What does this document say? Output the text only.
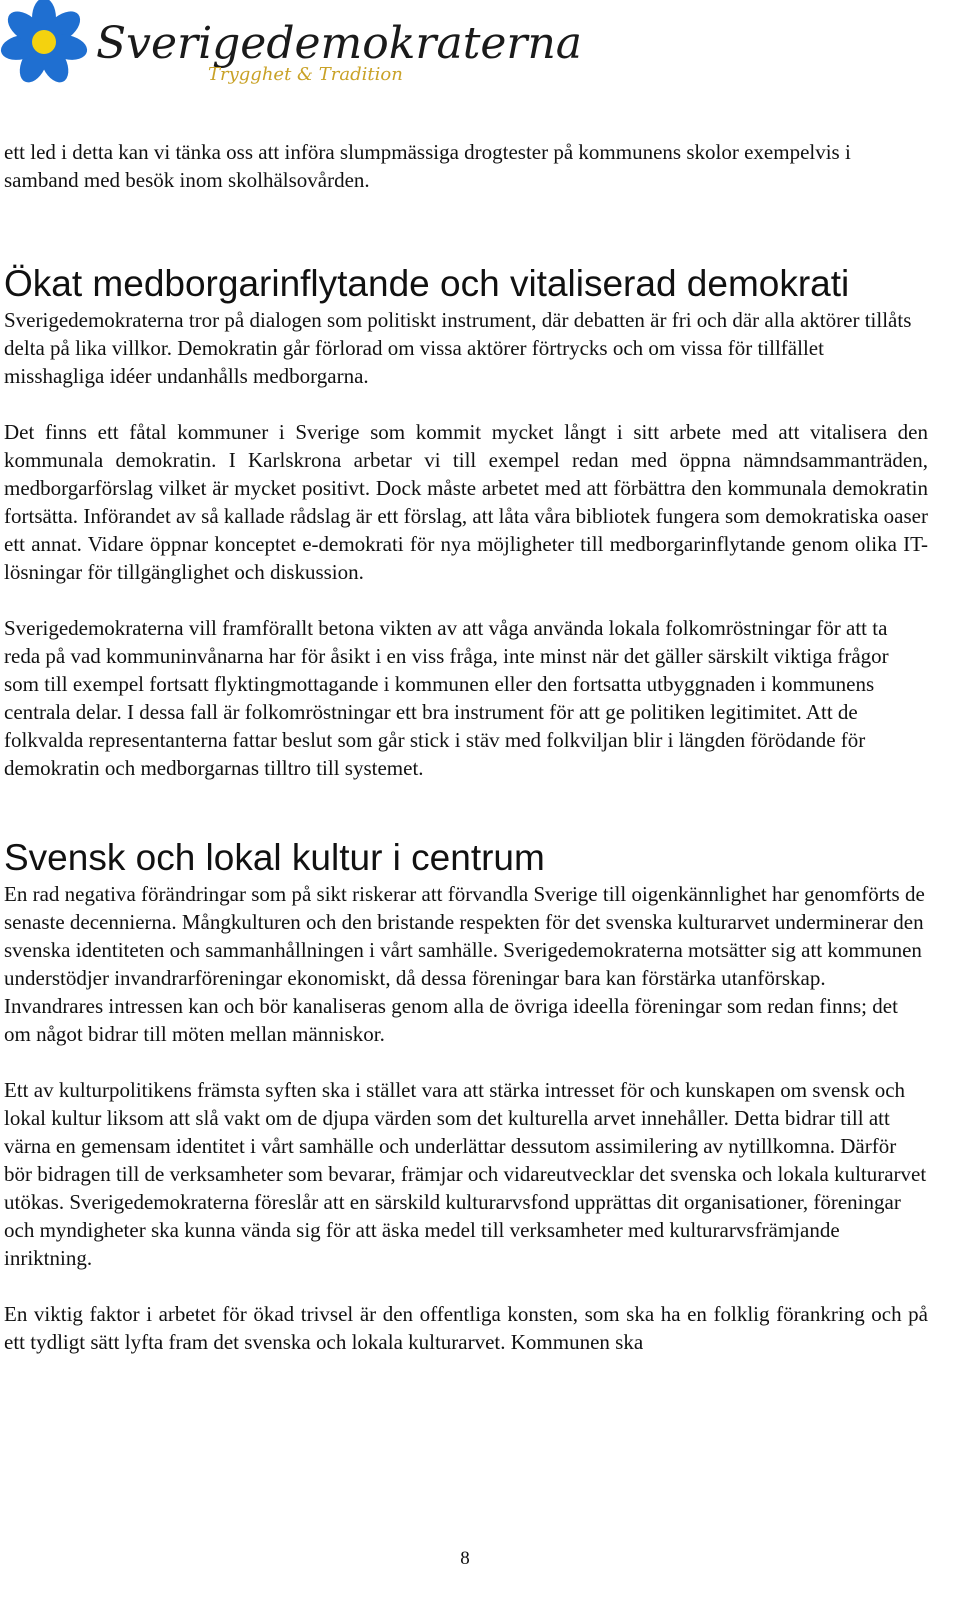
Sverigedemokraterna
Trygghet & Tradition

ett led i detta kan vi tänka oss att införa slumpmässiga drogtester på kommunens skolor exempelvis i samband med besök inom skolhälsovården.

Ökat medborgarinflytande och vitaliserad demokrati

Sverigedemokraterna tror på dialogen som politiskt instrument, där debatten är fri och där alla aktörer tillåts delta på lika villkor. Demokratin går förlorad om vissa aktörer förtrycks och om vissa för tillfället misshagliga idéer undanhålls medborgarna.

Det finns ett fåtal kommuner i Sverige som kommit mycket långt i sitt arbete med att vitalisera den kommunala demokratin. I Karlskrona arbetar vi till exempel redan med öppna nämndsammanträden, medborgarförslag vilket är mycket positivt. Dock måste arbetet med att förbättra den kommunala demokratin fortsätta. Införandet av så kallade rådslag är ett förslag, att låta våra bibliotek fungera som demokratiska oaser ett annat. Vidare öppnar konceptet e-demokrati för nya möjligheter till medborgarinflytande genom olika IT-lösningar för tillgänglighet och diskussion.

Sverigedemokraterna vill framförallt betona vikten av att våga använda lokala folkomröstningar för att ta reda på vad kommuninvånarna har för åsikt i en viss fråga, inte minst när det gäller särskilt viktiga frågor som till exempel fortsatt flyktingmottagande i kommunen eller den fortsatta utbyggnaden i kommunens centrala delar. I dessa fall är folkomröstningar ett bra instrument för att ge politiken legitimitet. Att de folkvalda representanterna fattar beslut som går stick i stäv med folkviljan blir i längden förödande för demokratin och medborgarnas tilltro till systemet.

Svensk och lokal kultur i centrum

En rad negativa förändringar som på sikt riskerar att förvandla Sverige till oigenkännlighet har genomförts de senaste decennierna. Mångkulturen och den bristande respekten för det svenska kulturarvet underminerar den svenska identiteten och sammanhållningen i vårt samhälle. Sverigedemokraterna motsätter sig att kommunen understödjer invandrarföreningar ekonomiskt, då dessa föreningar bara kan förstärka utanförskap. Invandrares intressen kan och bör kanaliseras genom alla de övriga ideella föreningar som redan finns; det om något bidrar till möten mellan människor.

Ett av kulturpolitikens främsta syften ska i stället vara att stärka intresset för och kunskapen om svensk och lokal kultur liksom att slå vakt om de djupa värden som det kulturella arvet innehåller. Detta bidrar till att värna en gemensam identitet i vårt samhälle och underlättar dessutom assimilering av nytillkomna. Därför bör bidragen till de verksamheter som bevarar, främjar och vidareutvecklar det svenska och lokala kulturarvet utökas. Sverigedemokraterna föreslår att en särskild kulturarvsfond upprättas dit organisationer, föreningar och myndigheter ska kunna vända sig för att äska medel till verksamheter med kulturarvsfrämjande inriktning.

En viktig faktor i arbetet för ökad trivsel är den offentliga konsten, som ska ha en folklig förankring och på ett tydligt sätt lyfta fram det svenska och lokala kulturarvet. Kommunen ska

8
